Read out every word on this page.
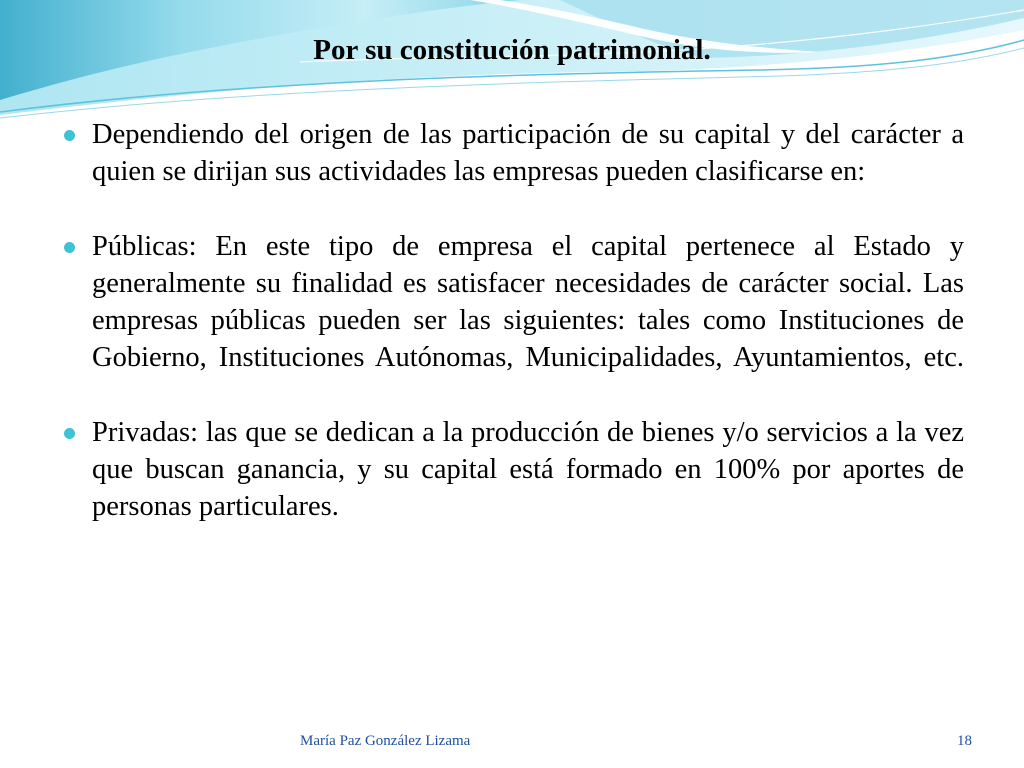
Por su constitución patrimonial.
Dependiendo del origen de las participación de su capital y del carácter a quien se dirijan sus actividades las empresas pueden clasificarse en:
Públicas: En este tipo de empresa el capital pertenece al Estado y generalmente su finalidad es satisfacer necesidades de carácter social. Las empresas públicas pueden ser las siguientes: tales como Instituciones de Gobierno, Instituciones Autónomas, Municipalidades, Ayuntamientos, etc.
Privadas: las que se dedican a la producción de bienes y/o servicios a la vez que buscan ganancia, y su capital está formado en 100% por aportes de personas particulares.
María Paz González Lizama	18
